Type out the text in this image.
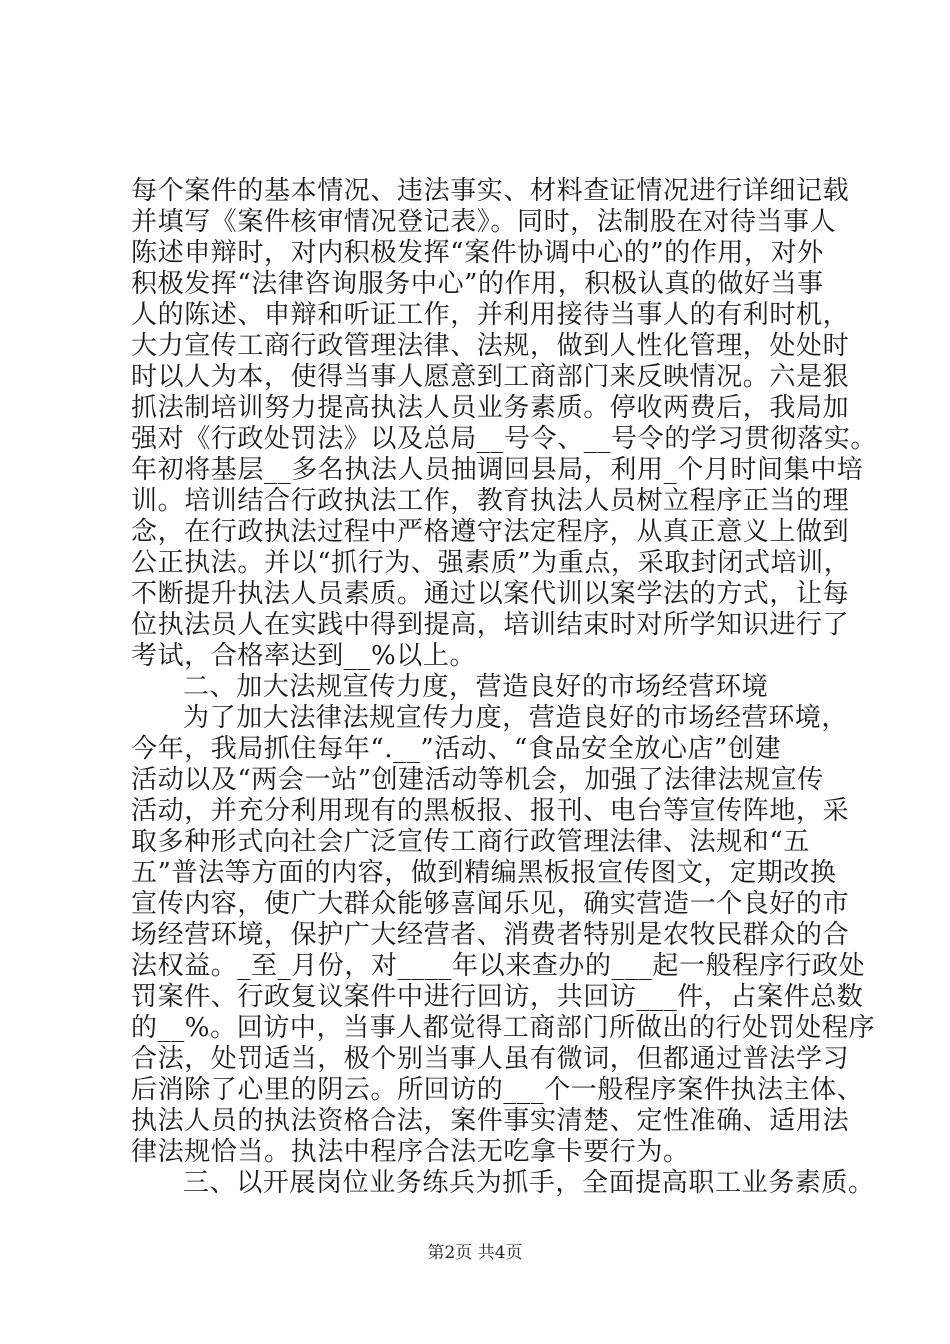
每个案件的基本情况、违法事实、材料查证情况进行详细记载
并填写《案件核审情况登记表》。同时，法制股在对待当事人
陈述申辩时，对内积极发挥“案件协调中心的”的作用，对外
积极发挥“法律咨询服务中心”的作用，积极认真的做好当事
人的陈述、申辩和听证工作，并利用接待当事人的有利时机，
大力宣传工商行政管理法律、法规，做到人性化管理，处处时
时以人为本，使得当事人愿意到工商部门来反映情况。六是狠
抓法制培训努力提高执法人员业务素质。停收两费后，我局加
强对《行政处罚法》以及总局__号令、__号令的学习贯彻落实。
年初将基层__多名执法人员抽调回县局，利用_个月时间集中培
训。培训结合行政执法工作，教育执法人员树立程序正当的理
念，在行政执法过程中严格遵守法定程序，从真正意义上做到
公正执法。并以“抓行为、强素质”为重点，采取封闭式培训，
不断提升执法人员素质。通过以案代训以案学法的方式，让每
位执法员人在实践中得到提高，培训结束时对所学知识进行了
考试，合格率达到__%以上。
二、加大法规宣传力度，营造良好的市场经营环境
为了加大法律法规宣传力度，营造良好的市场经营环境，
今年，我局抓住每年“.__”活动、“食品安全放心店”创建
活动以及“两会一站”创建活动等机会，加强了法律法规宣传
活动，并充分利用现有的黑板报、报刊、电台等宣传阵地，采
取多种形式向社会广泛宣传工商行政管理法律、法规和“五
五”普法等方面的内容，做到精编黑板报宣传图文，定期改换
宣传内容，使广大群众能够喜闻乐见，确实营造一个良好的市
场经营环境，保护广大经营者、消费者特别是农牧民群众的合
法权益。_至_月份，对____年以来查办的___起一般程序行政处
罚案件、行政复议案件中进行回访，共回访___件，占案件总数
的__%。回访中，当事人都觉得工商部门所做出的行处罚处程序
合法，处罚适当，极个别当事人虽有微词，但都通过普法学习
后消除了心里的阴云。所回访的___个一般程序案件执法主体、
执法人员的执法资格合法，案件事实清楚、定性准确、适用法
律法规恰当。执法中程序合法无吃拿卡要行为。
三、以开展岗位业务练兵为抓手，全面提高职工业务素质。
第2页 共4页
